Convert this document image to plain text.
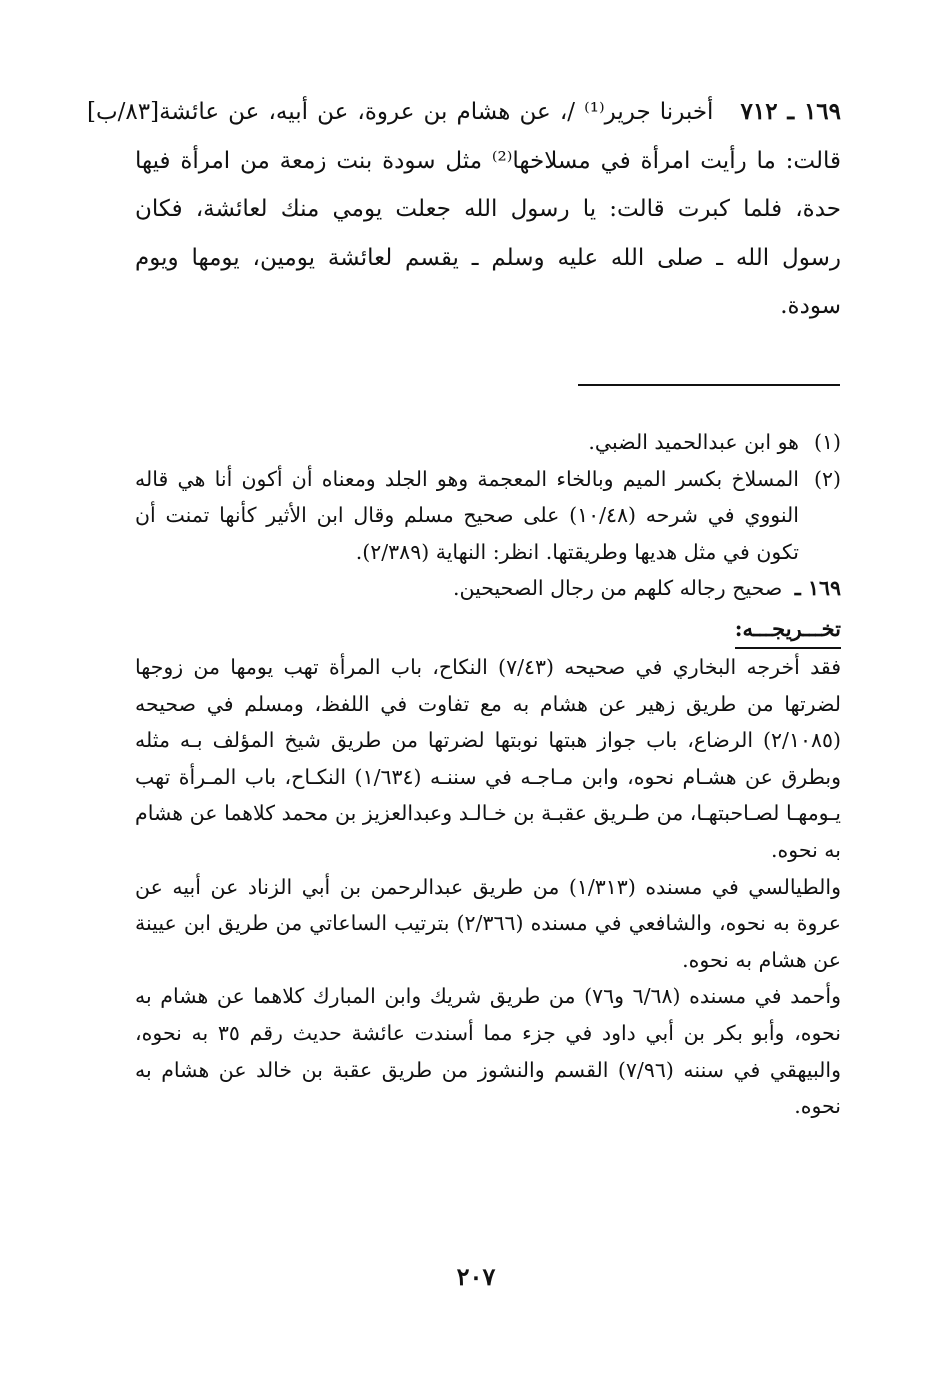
١٦٩ ـ ٧١٢
[٨٣/ب] أخبرنا جرير⁽¹⁾ /، عن هشام بن عروة، عن أبيه، عن عائشة قالت: ما رأيت امرأة في مسلاخها⁽²⁾ مثل سودة بنت زمعة من امرأة فيها حدة، فلما كبرت قالت: يا رسول الله جعلت يومي منك لعائشة، فكان رسول الله ـ صلى الله عليه وسلم ـ يقسم لعائشة يومين، يومها ويوم سودة.
(١)
هو ابن عبدالحميد الضبي.
(٢)
المسلاخ بكسر الميم وبالخاء المعجمة وهو الجلد ومعناه أن أكون أنا هي قاله النووي في شرحه (١٠/٤٨) على صحيح مسلم وقال ابن الأثير كأنها تمنت أن تكون في مثل هديها وطريقتها. انظر: النهاية (٢/٣٨٩).
١٦٩ ـ صحيح رجاله كلهم من رجال الصحيحين.
تخـــريجـــه:

فقد أخرجه البخاري في صحيحه (٧/٤٣) النكاح، باب المرأة تهب يومها من زوجها لضرتها من طريق زهير عن هشام به مع تفاوت في اللفظ، ومسلم في صحيحه (٢/١٠٨٥) الرضاع، باب جواز هبتها نوبتها لضرتها من طريق شيخ المؤلف بـه مثله وبطرق عن هشـام نحوه، وابن مـاجـه في سننـه (١/٦٣٤) النكـاح، باب المـرأة تهب يـومهـا لصـاحبتهـا، من طـريق عقبـة بن خـالـد وعبدالعزيز بن محمد كلاهما عن هشام به نحوه.

والطيالسي في مسنده (١/٣١٣) من طريق عبدالرحمن بن أبي الزناد عن أبيه عن عروة به نحوه، والشافعي في مسنده (٢/٣٦٦) بترتيب الساعاتي من طريق ابن عيينة عن هشام به نحوه.

وأحمد في مسنده (٦/٦٨ و٧٦) من طريق شريك وابن المبارك كلاهما عن هشام به نحوه، وأبو بكر بن أبي داود في جزء مما أسندت عائشة حديث رقم ٣٥ به نحوه، والبيهقي في سننه (٧/٩٦) القسم والنشوز من طريق عقبة بن خالد عن هشام به نحوه.

٢٠٧
